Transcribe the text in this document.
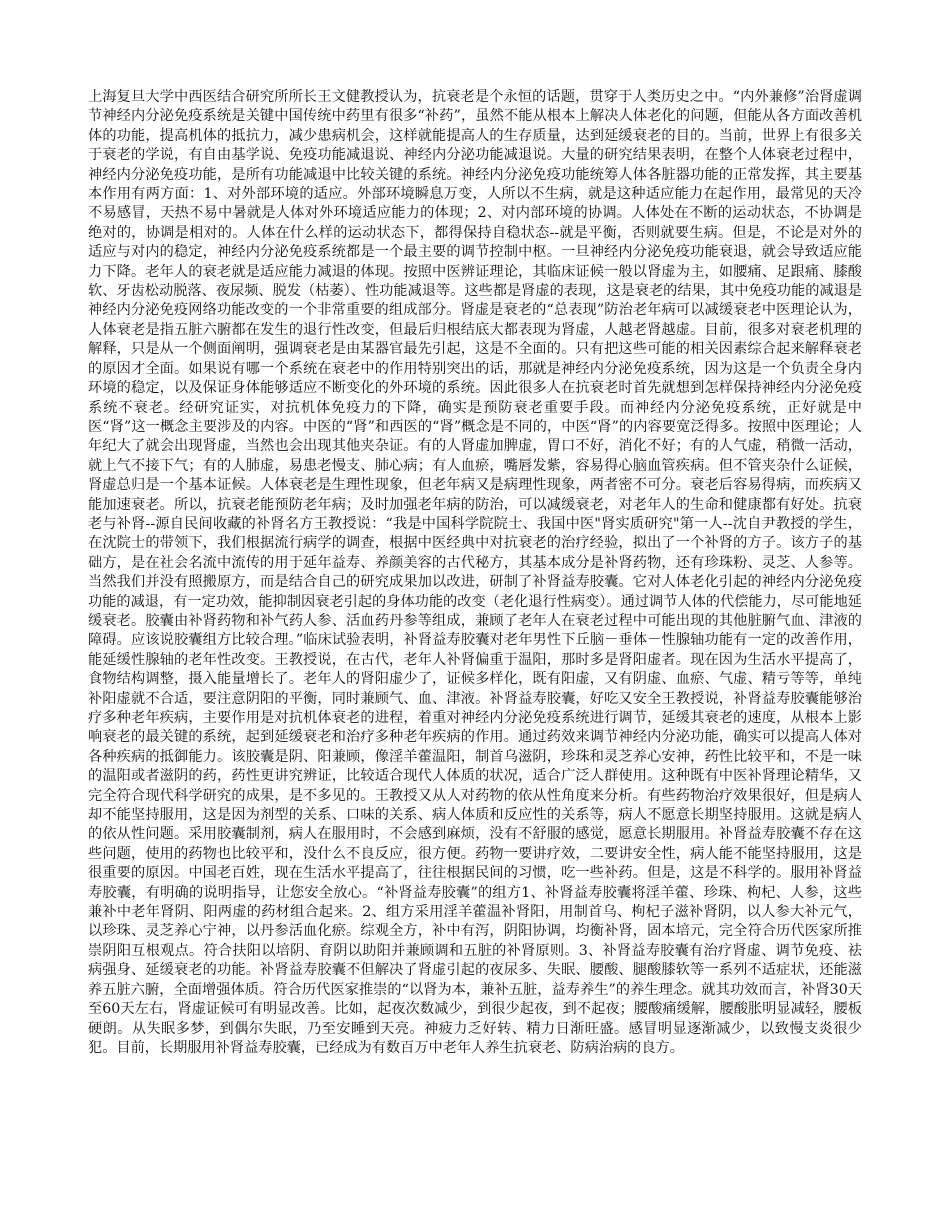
上海复旦大学中西医结合研究所所长王文健教授认为，抗衰老是个永恒的话题，贯穿于人类历史之中。“内外兼修”治肾虚调节神经内分泌免疫系统是关键中国传统中药里有很多“补药”，虽然不能从根本上解决人体老化的问题，但能从各方面改善机体的功能，提高机体的抵抗力，减少患病机会，这样就能提高人的生存质量，达到延缓衰老的目的。当前，世界上有很多关于衰老的学说，有自由基学说、免疫功能减退说、神经内分泌功能减退说。大量的研究结果表明，在整个人体衰老过程中，神经内分泌免疫功能，是所有功能减退中比较关键的系统。神经内分泌免疫功能统筹人体各脏器功能的正常发挥，其主要基本作用有两方面：1、对外部环境的适应。外部环境瞬息万变，人所以不生病，就是这种适应能力在起作用，最常见的天冷不易感冒，天热不易中暑就是人体对外环境适应能力的体现；2、对内部环境的协调。人体处在不断的运动状态，不协调是绝对的，协调是相对的。人体在什么样的运动状态下，都得保持自稳状态--就是平衡，否则就要生病。但是，不论是对外的适应与对内的稳定，神经内分泌免疫系统都是一个最主要的调节控制中枢。一旦神经内分泌免疫功能衰退，就会导致适应能力下降。老年人的衰老就是适应能力减退的体现。按照中医辨证理论，其临床证候一般以肾虚为主，如腰痛、足跟痛、膝酸软、牙齿松动脱落、夜尿频、脱发（枯萎）、性功能减退等。这些都是肾虚的表现，这是衰老的结果，其中免疫功能的减退是神经内分泌免疫网络功能改变的一个非常重要的组成部分。肾虚是衰老的“总表现”防治老年病可以减缓衰老中医理论认为，人体衰老是指五脏六腑都在发生的退行性改变，但最后归根结底大都表现为肾虚，人越老肾越虚。目前，很多对衰老机理的解释，只是从一个侧面阐明，强调衰老是由某器官最先引起，这是不全面的。只有把这些可能的相关因素综合起来解释衰老的原因才全面。如果说有哪一个系统在衰老中的作用特别突出的话，那就是神经内分泌免疫系统，因为这是一个负责全身内环境的稳定，以及保证身体能够适应不断变化的外环境的系统。因此很多人在抗衰老时首先就想到怎样保持神经内分泌免疫系统不衰老。经研究证实，对抗机体免疫力的下降，确实是预防衰老重要手段。而神经内分泌免疫系统，正好就是中医“肾”这一概念主要涉及的内容。中医的“肾”和西医的“肾”概念是不同的，中医“肾”的内容要宽泛得多。按照中医理论；人年纪大了就会出现肾虚，当然也会出现其他夹杂证。有的人肾虚加脾虚，胃口不好，消化不好；有的人气虚，稍微一活动，就上气不接下气；有的人肺虚，易患老慢支、肺心病；有人血瘀，嘴唇发紫，容易得心脑血管疾病。但不管夹杂什么证候，肾虚总归是一个基本证候。人体衰老是生理性现象，但老年病又是病理性现象，两者密不可分。衰老后容易得病，而疾病又能加速衰老。所以，抗衰老能预防老年病；及时加强老年病的防治，可以减缓衰老，对老年人的生命和健康都有好处。抗衰老与补肾--源自民间收藏的补肾名方王教授说：“我是中国科学院院士、我国中医"肾实质研究"第一人--沈自尹教授的学生，在沈院士的带领下，我们根据流行病学的调查，根据中医经典中对抗衰老的治疗经验，拟出了一个补肾的方子。该方子的基础方，是在社会名流中流传的用于延年益寿、养颜美容的古代秘方，其基本成分是补肾药物，还有珍珠粉、灵芝、人参等。当然我们并没有照搬原方，而是结合自己的研究成果加以改进，研制了补肾益寿胶囊。它对人体老化引起的神经内分泌免疫功能的减退，有一定功效，能抑制因衰老引起的身体功能的改变（老化退行性病变）。通过调节人体的代偿能力，尽可能地延缓衰老。胶囊由补肾药物和补气药人参、活血药丹参等组成，兼顾了老年人在衰老过程中可能出现的其他脏腑气血、津液的障碍。应该说胶囊组方比较合理。”临床试验表明，补肾益寿胶囊对老年男性下丘脑－垂体－性腺轴功能有一定的改善作用，能延缓性腺轴的老年性改变。王教授说，在古代，老年人补肾偏重于温阳，那时多是肾阳虚者。现在因为生活水平提高了，食物结构调整，摄入能量增长了。老年人的肾阳虚少了，证候多样化，既有阳虚，又有阴虚、血瘀、气虚、精亏等等，单纯补阳虚就不合适，要注意阴阳的平衡，同时兼顾气、血、津液。补肾益寿胶囊，好吃又安全王教授说，补肾益寿胶囊能够治疗多种老年疾病，主要作用是对抗机体衰老的进程，着重对神经内分泌免疫系统进行调节，延缓其衰老的速度，从根本上影响衰老的最关键的系统，起到延缓衰老和治疗多种老年疾病的作用。通过药效来调节神经内分泌功能，确实可以提高人体对各种疾病的抵御能力。该胶囊是阴、阳兼顾，像淫羊藿温阳，制首乌滋阴，珍珠和灵芝养心安神，药性比较平和，不是一味的温阳或者滋阴的药，药性更讲究辨证，比较适合现代人体质的状况，适合广泛人群使用。这种既有中医补肾理论精华，又完全符合现代科学研究的成果，是不多见的。王教授又从人对药物的依从性角度来分析。有些药物治疗效果很好，但是病人却不能坚持服用，这是因为剂型的关系、口味的关系、病人体质和反应性的关系等，病人不愿意长期坚持服用。这就是病人的依从性问题。采用胶囊制剂，病人在服用时，不会感到麻烦，没有不舒服的感觉，愿意长期服用。补肾益寿胶囊不存在这些问题，使用的药物也比较平和，没什么不良反应，很方便。药物一要讲疗效，二要讲安全性，病人能不能坚持服用，这是很重要的原因。中国老百姓，现在生活水平提高了，往往根据民间的习惯，吃一些补药。但是，这是不科学的。服用补肾益寿胶囊，有明确的说明指导，让您安全放心。“补肾益寿胶囊”的组方1、补肾益寿胶囊将淫羊藿、珍珠、枸杞、人参，这些兼补中老年肾阴、阳两虚的药材组合起来。2、组方采用淫羊藿温补肾阳，用制首乌、枸杞子滋补肾阴，以人参大补元气，以珍珠、灵芝养心宁神，以丹参活血化瘀。综观全方，补中有泻，阴阳协调，均衡补肾，固本培元，完全符合历代医家所推崇阴阳互根观点。符合扶阳以培阴、育阴以助阳并兼顾调和五脏的补肾原则。3、补肾益寿胶囊有治疗肾虚、调节免疫、祛病强身、延缓衰老的功能。补肾益寿胶囊不但解决了肾虚引起的夜尿多、失眠、腰酸、腿酸膝软等一系列不适症状，还能滋养五脏六腑，全面增强体质。符合历代医家推崇的“以肾为本，兼补五脏，益寿养生”的养生理念。就其功效而言，补肾30天至60天左右，肾虚证候可有明显改善。比如，起夜次数减少，到很少起夜，到不起夜；腰酸痛缓解，腰酸胀明显减轻，腰板硬朗。从失眠多梦，到偶尔失眠，乃至安睡到天亮。神疲力乏好转、精力日渐旺盛。感冒明显逐渐减少，以致慢支炎很少犯。目前，长期服用补肾益寿胶囊，已经成为有数百万中老年人养生抗衰老、防病治病的良方。
